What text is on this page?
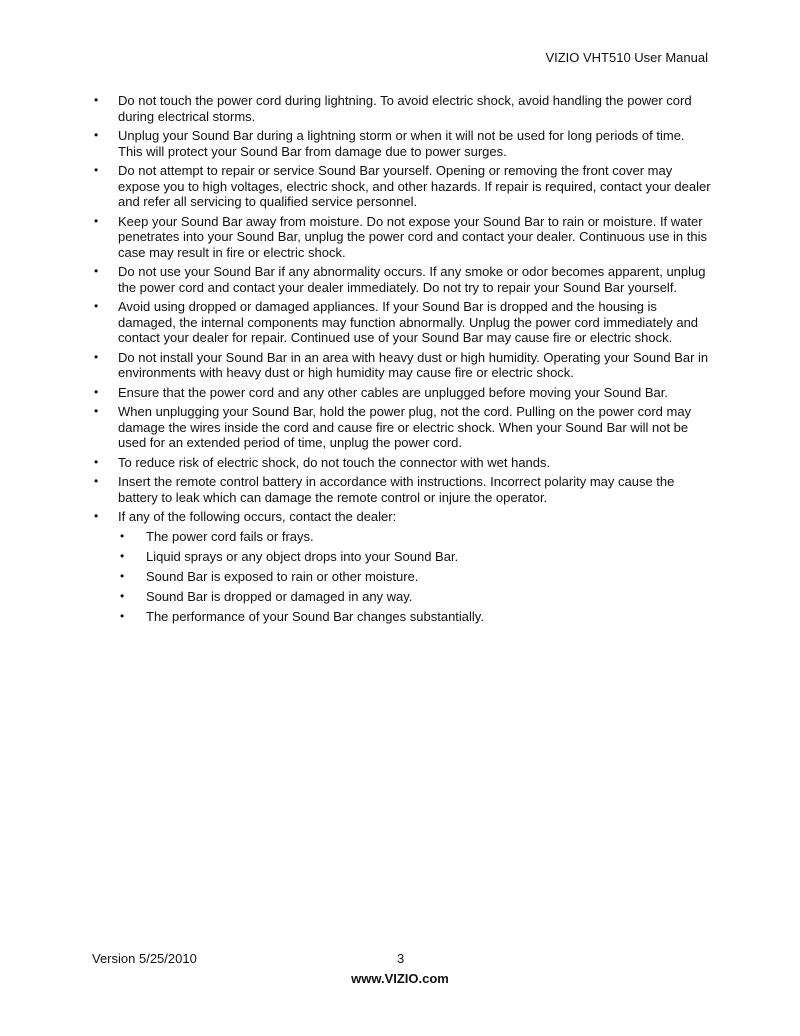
VIZIO VHT510 User Manual
• Do not touch the power cord during lightning. To avoid electric shock, avoid handling the power cord during electrical storms.
• Unplug your Sound Bar during a lightning storm or when it will not be used for long periods of time. This will protect your Sound Bar from damage due to power surges.
• Do not attempt to repair or service Sound Bar yourself. Opening or removing the front cover may expose you to high voltages, electric shock, and other hazards. If repair is required, contact your dealer and refer all servicing to qualified service personnel.
• Keep your Sound Bar away from moisture. Do not expose your Sound Bar to rain or moisture. If water penetrates into your Sound Bar, unplug the power cord and contact your dealer. Continuous use in this case may result in fire or electric shock.
• Do not use your Sound Bar if any abnormality occurs. If any smoke or odor becomes apparent, unplug the power cord and contact your dealer immediately. Do not try to repair your Sound Bar yourself.
• Avoid using dropped or damaged appliances. If your Sound Bar is dropped and the housing is damaged, the internal components may function abnormally. Unplug the power cord immediately and contact your dealer for repair. Continued use of your Sound Bar may cause fire or electric shock.
• Do not install your Sound Bar in an area with heavy dust or high humidity. Operating your Sound Bar in environments with heavy dust or high humidity may cause fire or electric shock.
• Ensure that the power cord and any other cables are unplugged before moving your Sound Bar.
• When unplugging your Sound Bar, hold the power plug, not the cord. Pulling on the power cord may damage the wires inside the cord and cause fire or electric shock. When your Sound Bar will not be used for an extended period of time, unplug the power cord.
• To reduce risk of electric shock, do not touch the connector with wet hands.
• Insert the remote control battery in accordance with instructions. Incorrect polarity may cause the battery to leak which can damage the remote control or injure the operator.
• If any of the following occurs, contact the dealer:
• The power cord fails or frays.
• Liquid sprays or any object drops into your Sound Bar.
• Sound Bar is exposed to rain or other moisture.
• Sound Bar is dropped or damaged in any way.
• The performance of your Sound Bar changes substantially.
Version 5/25/2010	3
www.VIZIO.com
